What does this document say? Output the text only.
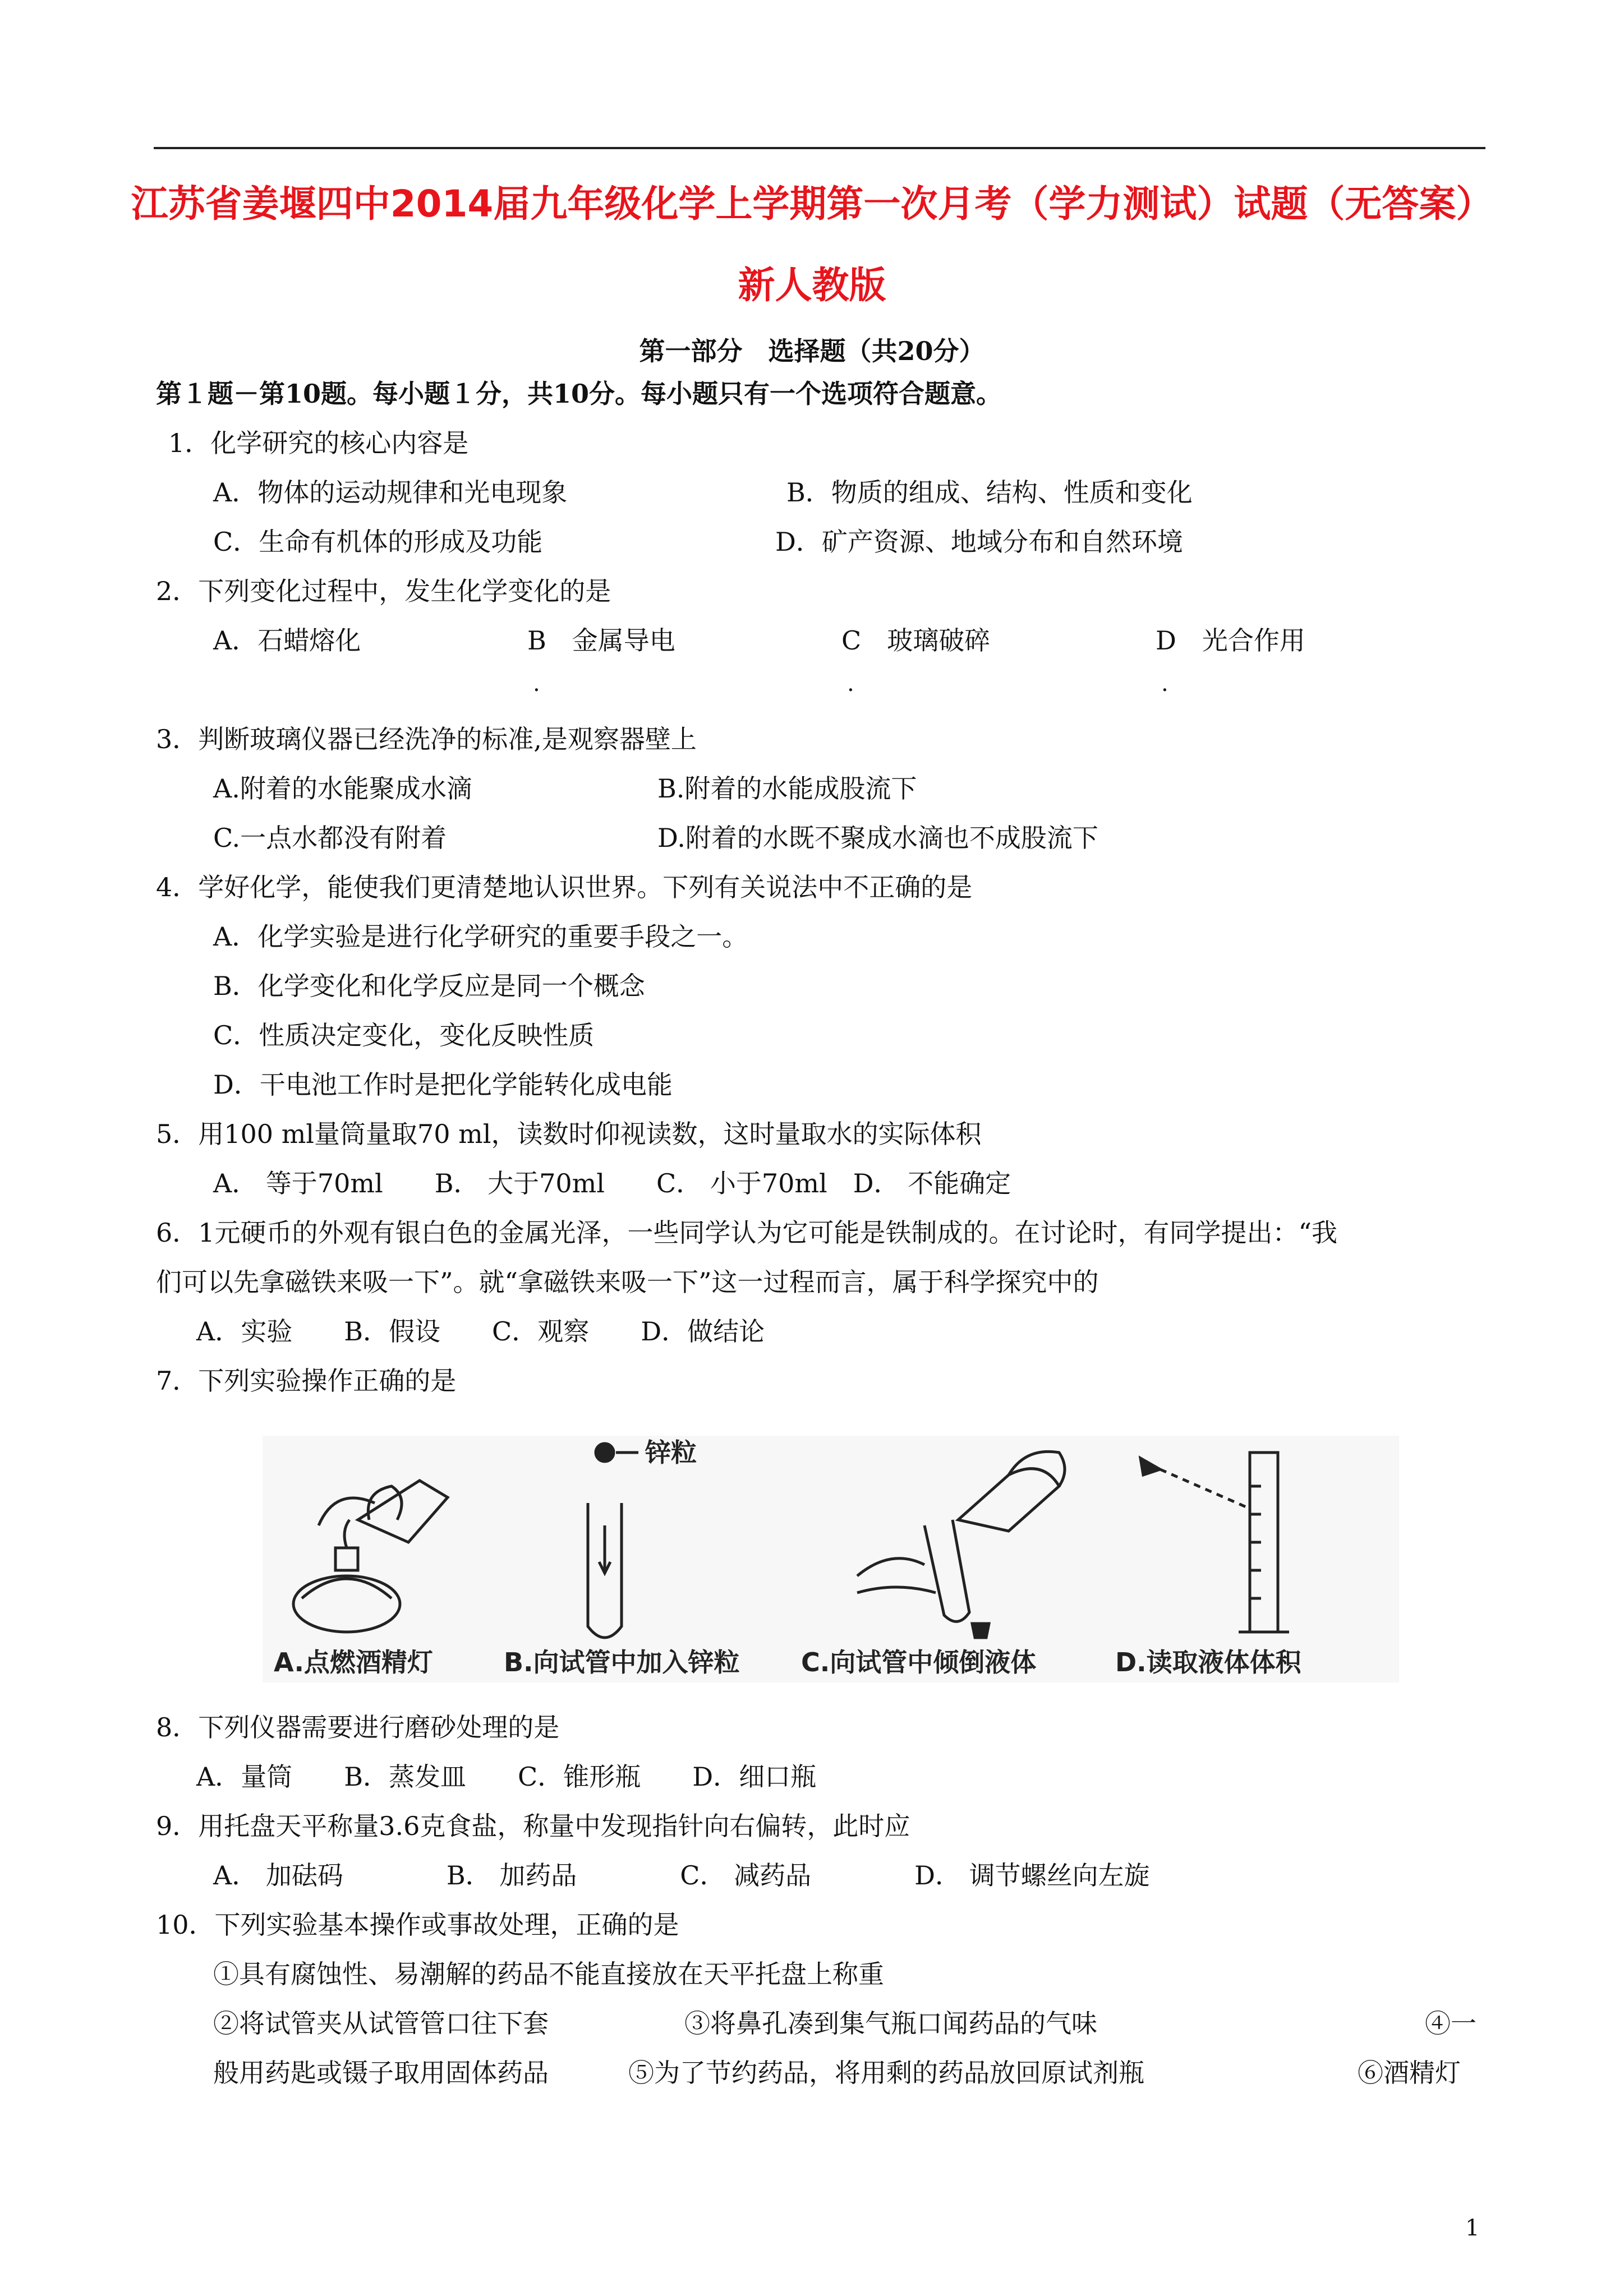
江苏省姜堰四中2014届九年级化学上学期第一次月考（学力测试）试题（无答案）
新人教版
第一部分　选择题（共20分）
第１题－第10题。每小题１分，共10分。每小题只有一个选项符合题意。
1．化学研究的核心内容是
A．物体的运动规律和光电现象	B．物质的组成、结构、性质和变化
C．生命有机体的形成及功能	D．矿产资源、地域分布和自然环境
2．下列变化过程中，发生化学变化的是
A．石蜡熔化	B　金属导电	C　玻璃破碎	D　光合作用
.	.	.
3．判断玻璃仪器已经洗净的标准,是观察器壁上
A.附着的水能聚成水滴	B.附着的水能成股流下
C.一点水都没有附着	D.附着的水既不聚成水滴也不成股流下
4．学好化学，能使我们更清楚地认识世界。下列有关说法中不正确的是
A．化学实验是进行化学研究的重要手段之一。
B．化学变化和化学反应是同一个概念
C．性质决定变化，变化反映性质
D．干电池工作时是把化学能转化成电能
5．用100 ml量筒量取70 ml，读数时仰视读数，这时量取水的实际体积
A． 等于70ml　　B． 大于70ml　　C． 小于70ml　D． 不能确定
6．1元硬币的外观有银白色的金属光泽，一些同学认为它可能是铁制成的。在讨论时，有同学提出：“我
们可以先拿磁铁来吸一下”。就“拿磁铁来吸一下”这一过程而言，属于科学探究中的
A．实验　　B．假设　　C．观察　　D．做结论
7．下列实验操作正确的是
锌粒
A.点燃酒精灯	B.向试管中加入锌粒 C.向试管中倾倒液体	D.读取液体体积
8．下列仪器需要进行磨砂处理的是
A．量筒　　B．蒸发皿　　C．锥形瓶　　D．细口瓶
9．用托盘天平称量3.6克食盐，称量中发现指针向右偏转，此时应
A． 加砝码　　　　B． 加药品　　　　C． 减药品　　　　D． 调节螺丝向左旋
10．下列实验基本操作或事故处理，正确的是
①具有腐蚀性、易潮解的药品不能直接放在天平托盘上称重
②将试管夹从试管管口往下套	③将鼻孔凑到集气瓶口闻药品的气味	④一
般用药匙或镊子取用固体药品	⑤为了节约药品，将用剩的药品放回原试剂瓶	⑥酒精灯
1
